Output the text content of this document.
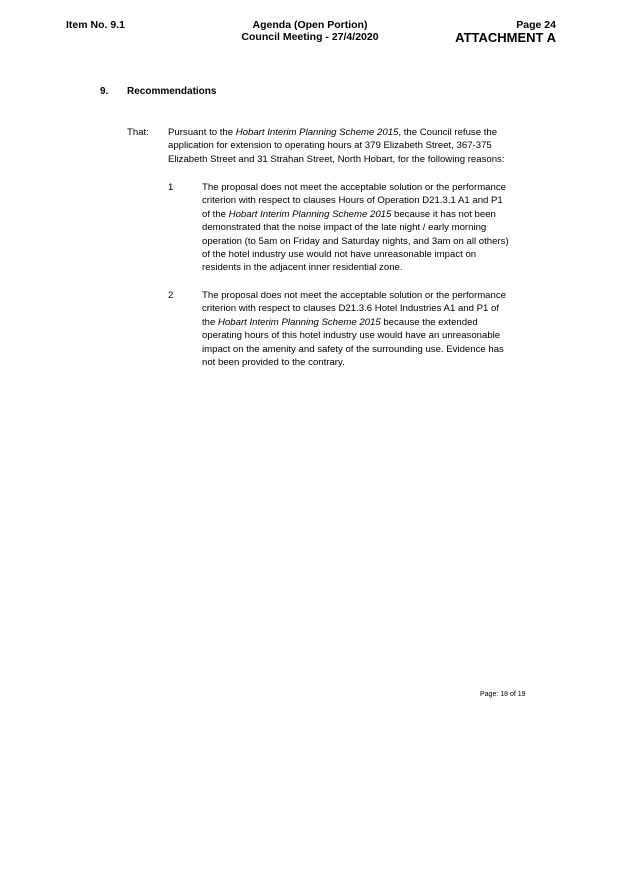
Item No. 9.1	Agenda (Open Portion)
Council Meeting - 27/4/2020
Page 24
ATTACHMENT A
9. Recommendations
That: Pursuant to the Hobart Interim Planning Scheme 2015, the Council refuse the application for extension to operating hours at 379 Elizabeth Street, 367-375 Elizabeth Street and 31 Strahan Street, North Hobart, for the following reasons:
1	The proposal does not meet the acceptable solution or the performance criterion with respect to clauses Hours of Operation D21.3.1 A1 and P1 of the Hobart Interim Planning Scheme 2015 because it has not been demonstrated that the noise impact of the late night / early morning operation (to 5am on Friday and Saturday nights, and 3am on all others) of the hotel industry use would not have unreasonable impact on residents in the adjacent inner residential zone.
2	The proposal does not meet the acceptable solution or the performance criterion with respect to clauses D21.3.6 Hotel Industries A1 and P1 of the Hobart Interim Planning Scheme 2015 because the extended operating hours of this hotel industry use would have an unreasonable impact on the amenity and safety of the surrounding use. Evidence has not been provided to the contrary.
Page: 18 of 19
